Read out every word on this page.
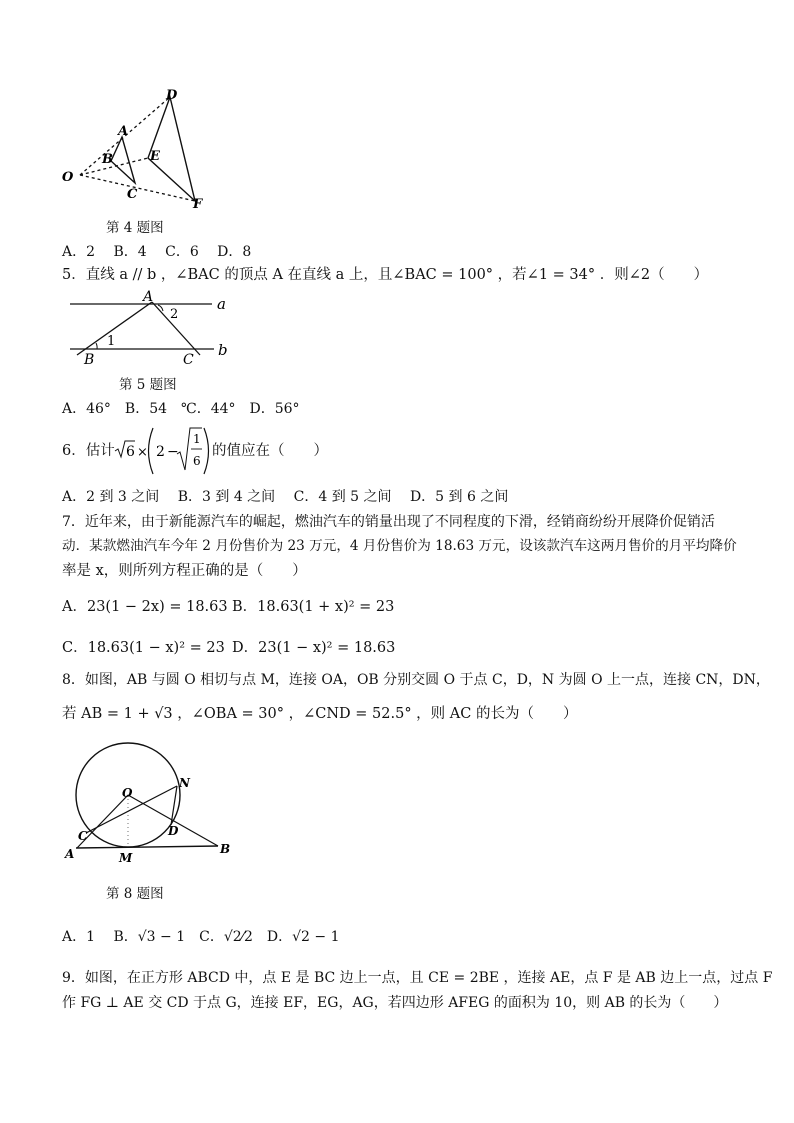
D
A
B	E
O
C
F
第 4 题图
A．2　 B．4　 C．6　 D．8
5．直线 a // b ，∠BAC 的顶点 A 在直线 a 上，且∠BAC = 100° ，若∠1 = 34° ．则∠2（　　）
A	a
2
1
B	C
b
第 5 题图
A．46°　B．54　℃．44°　D．56°
6．估计 6 × 2 −
1
6
的值应在（　　）
A．2 到 3 之间　 B．3 到 4 之间　 C．4 到 5 之间　 D．5 到 6 之间
7．近年来，由于新能源汽车的崛起，燃油汽车的销量出现了不同程度的下滑，经销商纷纷开展降价促销活
动．某款燃油汽车今年 2 月份售价为 23 万元，4 月份售价为 18.63 万元，设该款汽车这两月售价的月平均降价
率是 x，则所列方程正确的是（　　）
A．23(1 − 2x) = 18.63 B．18.63(1 + x)² = 23
C．18.63(1 − x)² = 23 D．23(1 − x)² = 18.63
8．如图，AB 与圆 O 相切与点 M，连接 OA，OB 分别交圆 O 于点 C，D，N 为圆 O 上一点，连接 CN，DN，
若 AB = 1 + √3 ，∠OBA = 30° ，∠CND = 52.5° ，则 AC 的长为（　　）
O
N
C	D
A	M
B
第 8 题图
A．1　 B．√3 − 1　C．√2⁄2　D．√2 − 1
9．如图，在正方形 ABCD 中，点 E 是 BC 边上一点，且 CE = 2BE ，连接 AE，点 F 是 AB 边上一点，过点 F
作 FG ⊥ AE 交 CD 于点 G，连接 EF，EG，AG，若四边形 AFEG 的面积为 10，则 AB 的长为（　　）
